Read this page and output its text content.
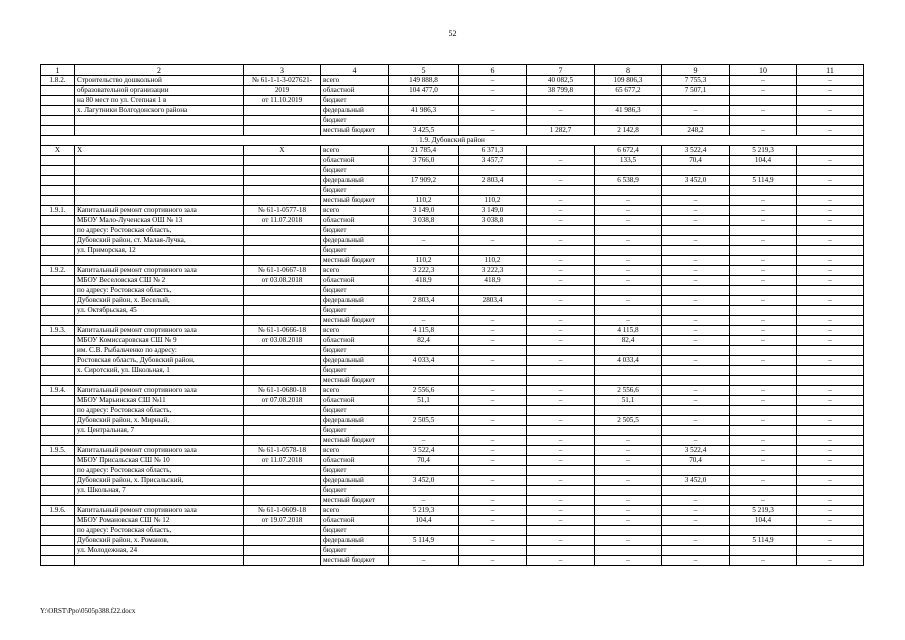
52
1	2	3	4	5	6	7	8	9	10	11
1.8.2.	Строительство дошкольной	№ 61-1-1-3-027621-	всего	149 888,8	–	40 082,5	109 806,3	7 755,3	–	–
	образовательной организации	2019	областной	104 477,0	–	38 799,8	65 677,2	7 507,1	–	–
	на 80 мест по ул. Степная 1 в	от 11.10.2019	бюджет							
	х. Лагутники Волгодонского района		федеральный	41 986,3	–	–	41 986,3	–	–	–
			бюджет							
			местный бюджет	3 425,5	–	1 282,7	2 142,8	248,2	–	–
1.9. Дубовский район										
X	X	X	всего	21 785,4	6 371,3		6 672,4	3 522,4	5 219,3	
			областной	3 766,0	3 457,7	–	133,5	70,4	104,4	–
			бюджет							
			федеральный	17 909,2	2 803,4	–	6 538,9	3 452,0	5 114,9	–
			бюджет							
			местный бюджет	110,2	110,2	–	–	–	–	–
1.9.1.	Капитальный ремонт спортивного зала	№ 61-1-0577-18	всего	3 149,0	3 149,0	–	–	–	–	–
	МБОУ Мало-Лученская ОШ № 13	от 11.07.2018	областной	3 038,8	3 038,8	–	–	–	–	–
	по адресу: Ростовская область,		бюджет							
	Дубовский район, ст. Малая-Лучка,		федеральный	–	–	–	–	–	–	–
	ул. Приморская, 12		бюджет							
			местный бюджет	110,2	110,2	–	–	–	–	–
1.9.2.	Капитальный ремонт спортивного зала	№ 61-1-0667-18	всего	3 222,3	3 222,3	–	–	–	–	–
	МБОУ Веселовская СШ № 2	от 03.08.2018	областной	418,9	418,9	–	–	–	–	–
	по адресу: Ростовская область,		бюджет							
	Дубовский район, х. Веселый,		федеральный	2 803,4	2803,4	–	–	–	–	–
	ул. Октябрьская, 45		бюджет							
			местный бюджет	–	–	–	–	–	–	–
1.9.3.	Капитальный ремонт спортивного зала	№ 61-1-0666-18	всего	4 115,8	–	–	4 115,8	–	–	–
	МБОУ Комиссаровская СШ № 9	от 03.08.2018	областной	82,4	–	–	82,4	–	–	–
	им. С.В. Рыбальченко по адресу:		бюджет							
	Ростовская область, Дубовский район,		федеральный	4 033,4	–	–	4 033,4	–	–	–
	х. Сиротский, ул. Школьная, 1		бюджет							
			местный бюджет							
1.9.4.	Капитальный ремонт спортивного зала	№ 61-1-0680-18	всего	2 556,6	–	–	2 556,6	–	–	–
	МБОУ Марьинская СШ №11	от 07.08.2018	областной	51,1	–	–	51,1	–	–	–
	по адресу: Ростовская область,		бюджет							
	Дубовский район, х. Мирный,		федеральный	2 505,5	–	–	2 505,5	–	–	–
	ул. Центральная, 7		бюджет							
			местный бюджет	–	–	–	–	–	–	–
1.9.5.	Капитальный ремонт спортивного зала	№ 61-1-0578-18	всего	3 522,4	–	–	–	3 522,4	–	–
	МБОУ Присальская СШ № 10	от 11.07.2018	областной	70,4	–	–	–	70,4	–	–
	по адресу: Ростовская область,		бюджет							
	Дубовский район, х. Присальский,		федеральный	3 452,0	–	–	–	3 452,0	–	–
	ул. Школьная, 7		бюджет							
			местный бюджет	–	–	–	–	–	–	–
1.9.6.	Капитальный ремонт спортивного зала	№ 61-1-0609-18	всего	5 219,3	–	–	–	–	5 219,3	–
	МБОУ Романовская СШ № 12	от 19.07.2018	областной	104,4	–	–	–	–	104,4	–
	по адресу: Ростовская область,		бюджет							
	Дубовский район, х. Романов,		федеральный	5 114,9	–	–	–	–	5 114,9	–
	ул. Молодежная, 24		бюджет							
			местный бюджет	–	–	–	–	–	–	–
Y:\ORST\Ppo\0505p388.f22.docx
